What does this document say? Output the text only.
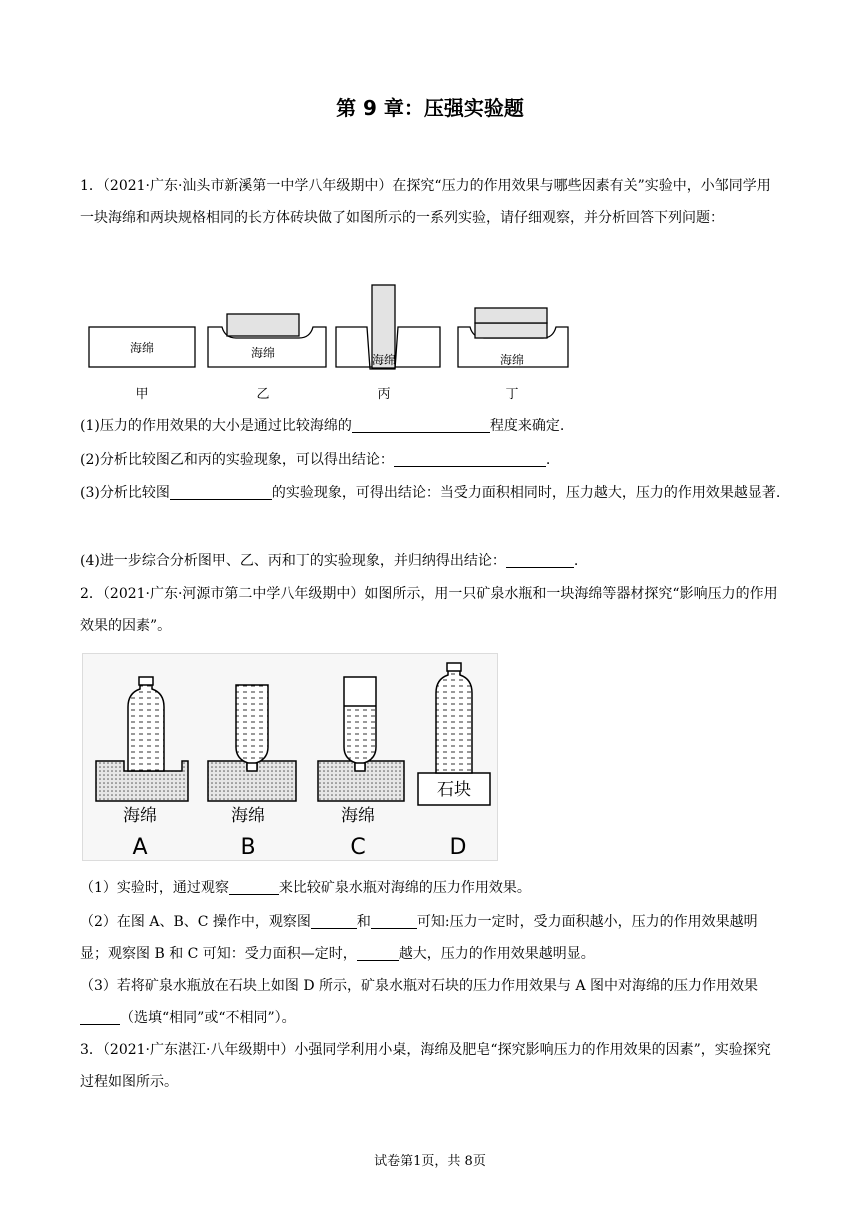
第 9 章：压强实验题

1．（2021·广东·汕头市新溪第一中学八年级期中）在探究“压力的作用效果与哪些因素有关”实验中，小邹同学用一块海绵和两块规格相同的长方体砖块做了如图所示的一系列实验，请仔细观察，并分析回答下列问题：

海绵	海绵	海绵	海绵
甲	乙	丙	丁

(1)压力的作用效果的大小是通过比较海绵的	程度来确定.

(2)分析比较图乙和丙的实验现象，可以得出结论：	.

(3)分析比较图	的实验现象，可得出结论：当受力面积相同时，压力越大，压力的作用效果越显著.

(4)进一步综合分析图甲、乙、丙和丁的实验现象，并归纳得出结论：	.

2．（2021·广东·河源市第二中学八年级期中）如图所示，用一只矿泉水瓶和一块海绵等器材探究“影响压力的作用效果的因素”。

海绵	海绵	海绵
石块
A	B	C	D

（1）实验时，通过观察	来比较矿泉水瓶对海绵的压力作用效果。

（2）在图 A、B、C 操作中，观察图	和	可知:压力一定时，受力面积越小，压力的作用效果越明显；观察图 B 和 C 可知：受力面积—定时，	越大，压力的作用效果越明显。

（3）若将矿泉水瓶放在石块上如图 D 所示，矿泉水瓶对石块的压力作用效果与 A 图中对海绵的压力作用效果（选填“相同”或“不相同”）。

3．（2021·广东湛江·八年级期中）小强同学利用小桌，海绵及肥皂“探究影响压力的作用效果的因素”，实验探究过程如图所示。

试卷第1页，共 8页
